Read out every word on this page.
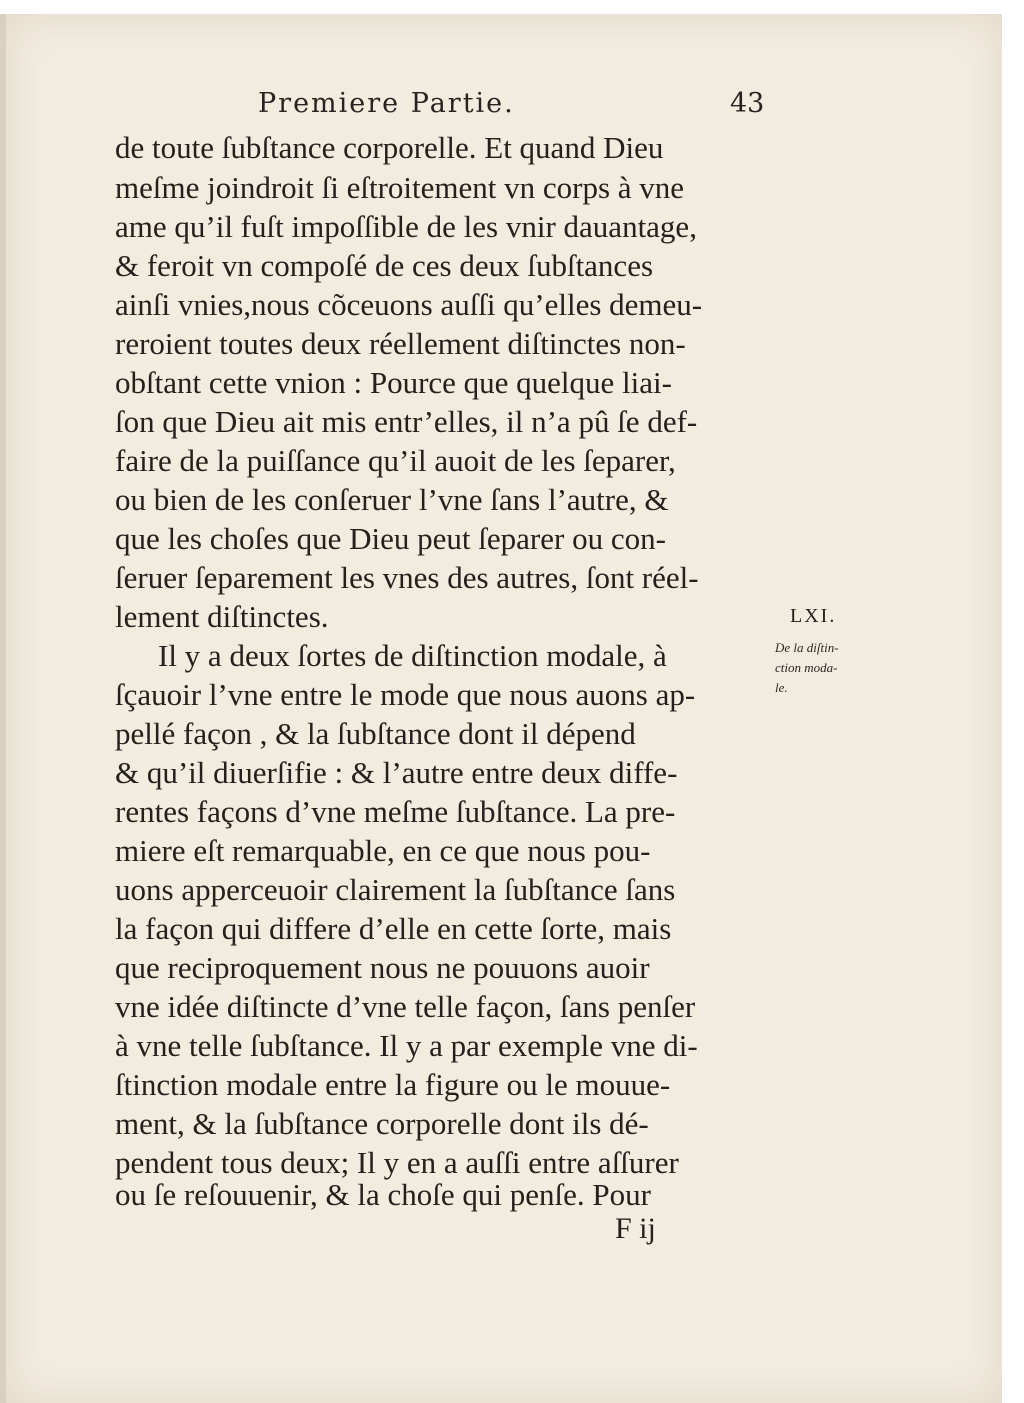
Premiere Partie.	43
de toute ſubſtance corporelle. Et quand Dieu
meſme joindroit ſi eſtroitement vn corps à vne
ame qu’il fuſt impoſſible de les vnir dauantage,
& feroit vn compoſé de ces deux ſubſtances
ainſi vnies,nous cõceuons auſſi qu’elles demeu-
reroient toutes deux réellement diſtinctes non-
obſtant cette vnion : Pource que quelque liai-
ſon que Dieu ait mis entr’elles, il n’a pû ſe def-
faire de la puiſſance qu’il auoit de les ſeparer,
ou bien de les conſeruer l’vne ſans l’autre, &
que les choſes que Dieu peut ſeparer ou con-
ſeruer ſeparement les vnes des autres, ſont réel-
lement diſtinctes.
Il y a deux ſortes de diſtinction modale, à
ſçauoir l’vne entre le mode que nous auons ap-
pellé façon , & la ſubſtance dont il dépend
& qu’il diuerſifie : & l’autre entre deux diffe-
rentes façons d’vne meſme ſubſtance. La pre-
miere eſt remarquable, en ce que nous pou-
uons apperceuoir clairement la ſubſtance ſans
la façon qui differe d’elle en cette ſorte, mais
que reciproquement nous ne pouuons auoir
vne idée diſtincte d’vne telle façon, ſans penſer
à vne telle ſubſtance. Il y a par exemple vne di-
ſtinction modale entre la figure ou le mouue-
ment, & la ſubſtance corporelle dont ils dé-
pendent tous deux; Il y en a auſſi entre aſſurer
ou ſe reſouuenir, & la choſe qui penſe. Pour
LXI.
De la diſtin-
ction moda-
le.
F ij
